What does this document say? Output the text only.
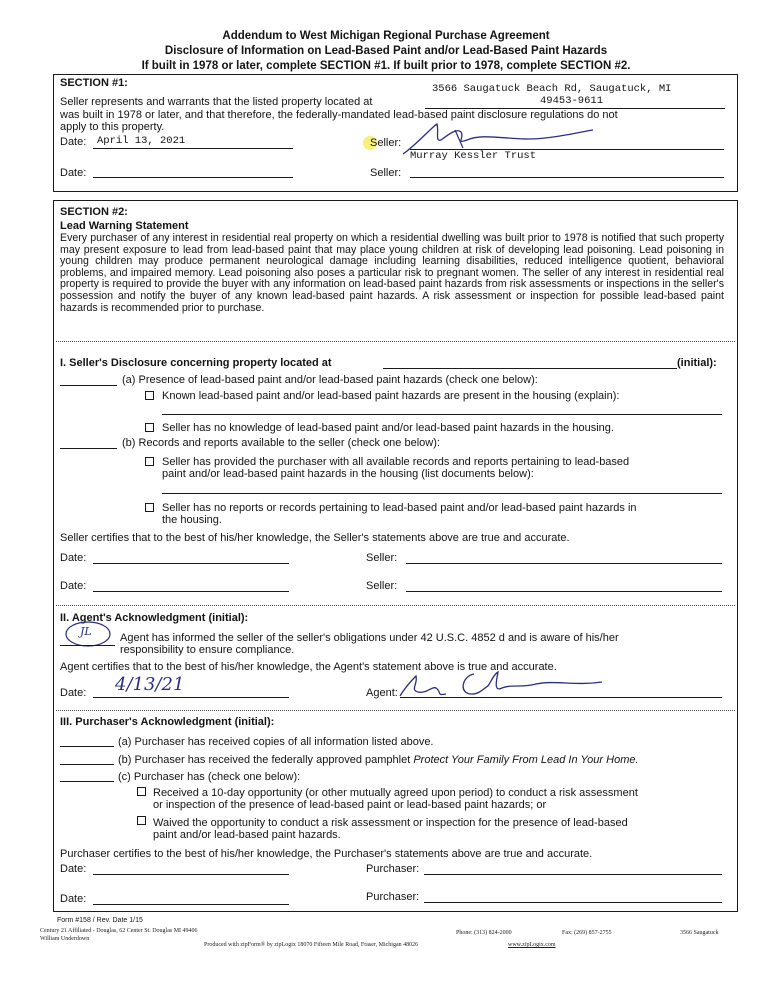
Addendum to West Michigan Regional Purchase Agreement
Disclosure of Information on Lead-Based Paint and/or Lead-Based Paint Hazards
If built in 1978 or later, complete SECTION #1. If built prior to 1978, complete SECTION #2.
SECTION #1:	3566 Saugatuck Beach Rd, Saugatuck, MI
Seller represents and warrants that the listed property located at	49453-9611
was built in 1978 or later, and that therefore, the federally-mandated lead-based paint disclosure regulations do not
apply to this property.
Date: April 13, 2021	Seller:
Murray Kessler Trust
Date:	Seller:
SECTION #2:
Lead Warning Statement
Every purchaser of any interest in residential real property on which a residential dwelling was built prior to 1978 is notified that such property may present exposure to lead from lead-based paint that may place young children at risk of developing lead poisoning. Lead poisoning in young children may produce permanent neurological damage including learning disabilities, reduced intelligence quotient, behavioral problems, and impaired memory. Lead poisoning also poses a particular risk to pregnant women. The seller of any interest in residential real property is required to provide the buyer with any information on lead-based paint hazards from risk assessments or inspections in the seller's possession and notify the buyer of any known lead-based paint hazards. A risk assessment or inspection for possible lead-based paint hazards is recommended prior to purchase.
I. Seller's Disclosure concerning property located at	(initial):
(a) Presence of lead-based paint and/or lead-based paint hazards (check one below):
Known lead-based paint and/or lead-based paint hazards are present in the housing (explain):
Seller has no knowledge of lead-based paint and/or lead-based paint hazards in the housing.
(b) Records and reports available to the seller (check one below):
Seller has provided the purchaser with all available records and reports pertaining to lead-based
paint and/or lead-based paint hazards in the housing (list documents below):
Seller has no reports or records pertaining to lead-based paint and/or lead-based paint hazards in
the housing.
Seller certifies that to the best of his/her knowledge, the Seller's statements above are true and accurate.
Date:	Seller:
Date:	Seller:
II. Agent's Acknowledgment (initial):
JL	Agent has informed the seller of the seller's obligations under 42 U.S.C. 4852 d and is aware of his/her
responsibility to ensure compliance.
Agent certifies that to the best of his/her knowledge, the Agent's statement above is true and accurate.
Date: 4/13/21	Agent:
III. Purchaser's Acknowledgment (initial):
(a) Purchaser has received copies of all information listed above.
(b) Purchaser has received the federally approved pamphlet Protect Your Family From Lead In Your Home.
(c) Purchaser has (check one below):
Received a 10-day opportunity (or other mutually agreed upon period) to conduct a risk assessment
or inspection of the presence of lead-based paint or lead-based paint hazards; or
Waived the opportunity to conduct a risk assessment or inspection for the presence of lead-based
paint and/or lead-based paint hazards.
Purchaser certifies to the best of his/her knowledge, the Purchaser's statements above are true and accurate.
Date:	Purchaser:
Date:	Purchaser:
Form #158 / Rev. Date 1/15
Century 21 Affiliated - Douglas, 62 Center St. Douglas MI 49406
William Underdown
Phone: (313) 824-2000	Fax: (269) 857-2755	3566 Saugatuck
Produced with zipForm® by zipLogix 18070 Fifteen Mile Road, Fraser, Michigan 48026	www.zipLogix.com
